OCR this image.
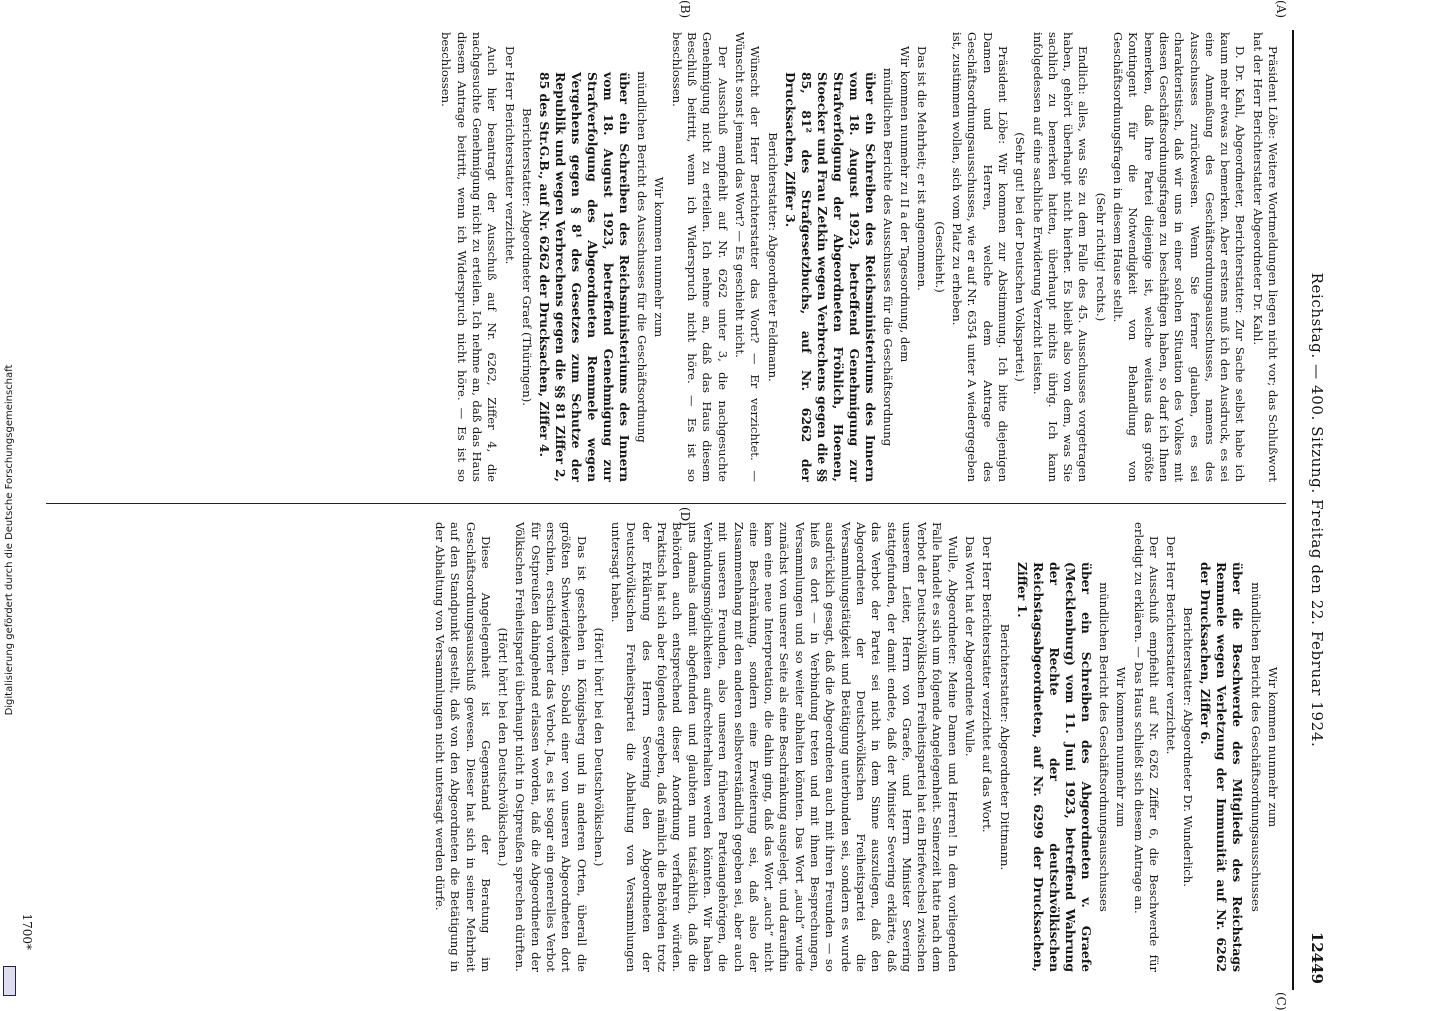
Reichstag. — 400. Sitzung. Freitag den 22. Februar 1924.
12449
(A)
(B)
(C)
(D)

Präsident Löbe: Weitere Wortmeldungen liegen nicht vor; das Schlußwort hat der Herr Berichterstatter Abgeordneter Dr. Kahl.

D. Dr. Kahl, Abgeordneter, Berichterstatter: Zur Sache selbst habe ich kaum mehr etwas zu bemerken. Aber erstens muß ich den Ausdruck, es sei eine Anmaßung des Geschäftsordnungsausschusses, namens des Ausschusses zurückweisen. Wenn Sie ferner glauben, es sei charakteristisch, daß wir uns in einer solchen Situation des Volkes mit diesen Geschäftsordnungsfragen zu beschäftigen haben, so darf ich Ihnen bemerken, daß Ihre Partei diejenige ist, welche weitaus das größte Kontingent für die Notwendigkeit von Behandlung von Geschäftsordnungsfragen in diesem Hause stellt.

(Sehr richtig! rechts.)

Endlich: alles, was Sie zu dem Falle des 45. Ausschusses vorgetragen haben, gehört überhaupt nicht hierher. Es bleibt also von dem, was Sie sachlich zu bemerken hatten, überhaupt nichts übrig. Ich kann infolgedessen auf eine sachliche Erwiderung Verzicht leisten.

(Sehr gut! bei der Deutschen Volkspartei.)

Präsident Löbe: Wir kommen zur Abstimmung. Ich bitte diejenigen Damen und Herren, welche dem Antrage des Geschäftsordnungsausschusses, wie er auf Nr. 6354 unter A wiedergegeben ist, zustimmen wollen, sich vom Platz zu erheben.

(Geschieht.)

Das ist die Mehrheit; er ist angenommen.

Wir kommen nunmehr zu II a der Tagesordnung, dem

mündlichen Berichte des Ausschusses für die Geschäftsordnung

über ein Schreiben des Reichsministeriums des Innern vom 18. August 1923, betreffend Genehmigung zur Strafverfolgung der Abgeordneten Fröhlich, Hoenen, Stoecker und Frau Zetkin wegen Verbrechens gegen die §§ 85, 81² des Strafgesetzbuchs, auf Nr. 6262 der Drucksachen, Ziffer 3.

Berichterstatter: Abgeordneter Feldmann.

Wünscht der Herr Berichterstatter das Wort? — Er verzichtet. — Wünscht sonst jemand das Wort? — Es geschieht nicht.

Der Ausschuß empfiehlt auf Nr. 6262 unter 3, die nachgesuchte Genehmigung nicht zu erteilen. Ich nehme an, daß das Haus diesem Beschluß beitritt, wenn ich Widerspruch nicht höre. — Es ist so beschlossen.

Wir kommen nunmehr zum

mündlichen Bericht des Ausschusses für die Geschäftsordnung

über ein Schreiben des Reichsministeriums des Innern vom 18. August 1923, betreffend Genehmigung zur Strafverfolgung des Abgeordneten Remmele wegen Vergehens gegen § 8¹ des Gesetzes zum Schutze der Republik und wegen Verbrechens gegen die §§ 81 Ziffer 2, 85 des Str.G.B., auf Nr. 6262 der Drucksachen, Ziffer 4.

Berichterstatter: Abgeordneter Graef (Thüringen).

Der Herr Berichterstatter verzichtet.

Auch hier beantragt der Ausschuß auf Nr. 6262, Ziffer 4, die nachgesuchte Genehmigung nicht zu erteilen. Ich nehme an, daß das Haus diesem Antrage beitritt, wenn ich Widerspruch nicht höre. — Es ist so beschlossen.

Wir kommen nunmehr zum

mündlichen Bericht des Geschäftsordnungsausschusses

über die Beschwerde des Mitglieds des Reichstags Remmele wegen Verletzung der Immunität auf Nr. 6262 der Drucksachen, Ziffer 6.

Berichterstatter: Abgeordneter Dr. Wunderlich.

Der Herr Berichterstatter verzichtet.

Der Ausschuß empfiehlt auf Nr. 6262 Ziffer 6, die Beschwerde für erledigt zu erklären. — Das Haus schließt sich diesem Antrage an.

Wir kommen nunmehr zum

mündlichen Bericht des Geschäftsordnungsausschusses

über ein Schreiben des Abgeordneten v. Graefe (Mecklenburg) vom 11. Juni 1923, betreffend Wahrung der Rechte der deutschvölkischen Reichstagsabgeordneten, auf Nr. 6299 der Drucksachen, Ziffer 1.

Berichterstatter: Abgeordneter Dittmann.

Der Herr Berichterstatter verzichtet auf das Wort.

Das Wort hat der Abgeordnete Wulle.

Wulle, Abgeordneter: Meine Damen und Herren! In dem vorliegenden Falle handelt es sich um folgende Angelegenheit. Seinerzeit hatte nach dem Verbot der Deutschvölkischen Freiheitspartei hat ein Briefwechsel zwischen unserem Leiter, Herrn von Graefe, und Herrn Minister Severing stattgefunden, der damit endete, daß der Minister Severing erklärte, daß das Verbot der Partei sei nicht in dem Sinne auszulegen, daß den Abgeordneten der Deutschvölkischen Freiheitspartei die Versammlungstätigkeit und Betätigung unterbunden sei, sondern es wurde ausdrücklich gesagt, daß die Abgeordneten auch mit ihren Freunden — so hieß es dort — in Verbindung treten und mit ihnen Besprechungen, Versammlungen und so weiter abhalten könnten. Das Wort „auch“ wurde zunächst von unserer Seite als eine Beschränkung ausgelegt, und daraufhin kam eine neue Interpretation, die dahin ging, daß das Wort „auch“ nicht eine Beschränkung, sondern eine Erweiterung sei, daß also der Zusammenhang mit den anderen selbstverständlich gegeben sei, aber auch mit unseren Freunden, also unseren früheren Parteiangehörigen, die Verbindungsmöglichkeiten aufrechterhalten werden könnten. Wir haben uns damals damit abgefunden und glaubten nun tatsächlich, daß die Behörden auch entsprechend dieser Anordnung verfahren würden. Praktisch hat sich aber folgendes ergeben, daß nämlich die Behörden trotz der Erklärung des Herrn Severing den Abgeordneten der Deutschvölkischen Freiheitspartei die Abhaltung von Versammlungen untersagt haben.

(Hört! hört! bei den Deutschvölkischen.)

Das ist geschehen in Königsberg und in anderen Orten, überall die größten Schwierigkeiten. Sobald einer von unseren Abgeordneten dort erschien, erschien vorher das Verbot. Ja, es ist sogar ein generelles Verbot für Ostpreußen dahingehend erlassen worden, daß die Abgeordneten der Völkischen Freiheitspartei überhaupt nicht in Ostpreußen sprechen dürften.

(Hört! hört! bei den Deutschvölkischen.)

Diese Angelegenheit ist Gegenstand der Beratung im Geschäftsordnungsausschuß gewesen. Dieser hat sich in seiner Mehrheit auf den Standpunkt gestellt, daß von den Abgeordneten die Betätigung in der Abhaltung von Versammlungen nicht untersagt werden dürfe.

1700*
Digitalisierung gefördert durch die Deutsche Forschungsgemeinschaft
